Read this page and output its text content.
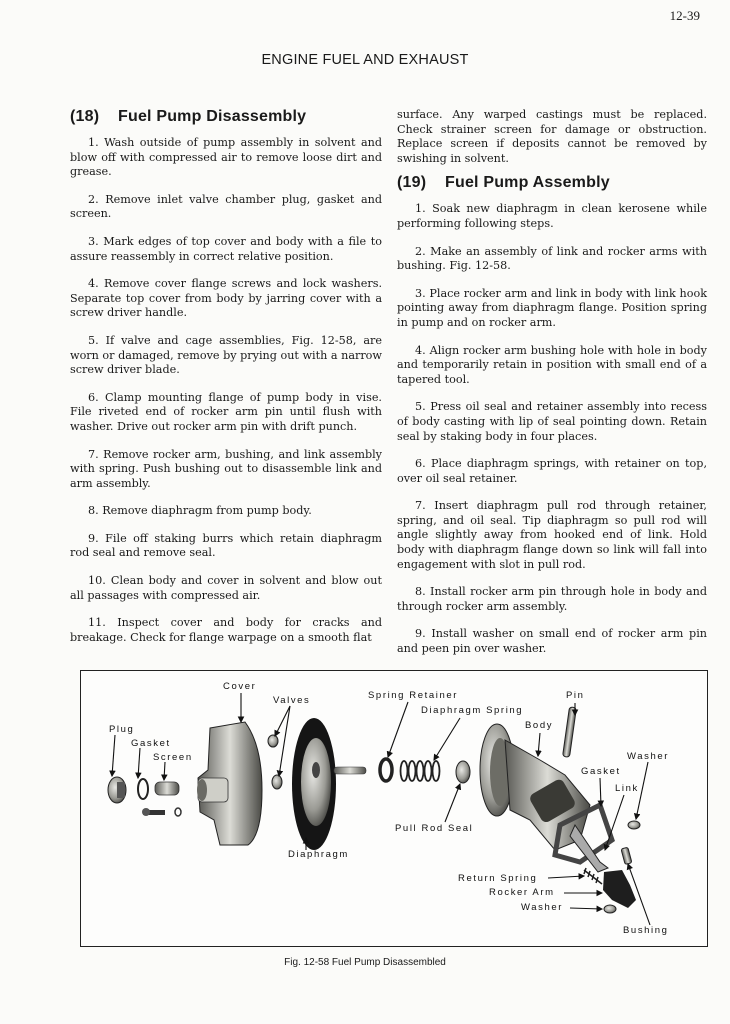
12-39
ENGINE FUEL AND EXHAUST
(18) Fuel Pump Disassembly

1. Wash outside of pump assembly in solvent and blow off with compressed air to remove loose dirt and grease.

2. Remove inlet valve chamber plug, gasket and screen.

3. Mark edges of top cover and body with a file to assure reassembly in correct relative position.

4. Remove cover flange screws and lock washers. Separate top cover from body by jarring cover with a screw driver handle.

5. If valve and cage assemblies, Fig. 12-58, are worn or damaged, remove by prying out with a narrow screw driver blade.

6. Clamp mounting flange of pump body in vise. File riveted end of rocker arm pin until flush with washer. Drive out rocker arm pin with drift punch.

7. Remove rocker arm, bushing, and link assembly with spring. Push bushing out to disassemble link and arm assembly.

8. Remove diaphragm from pump body.

9. File off staking burrs which retain diaphragm rod seal and remove seal.

10. Clean body and cover in solvent and blow out all passages with compressed air.

11. Inspect cover and body for cracks and breakage. Check for flange warpage on a smooth flat

surface. Any warped castings must be replaced. Check strainer screen for damage or obstruction. Replace screen if deposits cannot be removed by swishing in solvent.

(19) Fuel Pump Assembly

1. Soak new diaphragm in clean kerosene while performing following steps.

2. Make an assembly of link and rocker arms with bushing. Fig. 12-58.

3. Place rocker arm and link in body with link hook pointing away from diaphragm flange. Position spring in pump and on rocker arm.

4. Align rocker arm bushing hole with hole in body and temporarily retain in position with small end of a tapered tool.

5. Press oil seal and retainer assembly into recess of body casting with lip of seal pointing down. Retain seal by staking body in four places.

6. Place diaphragm springs, with retainer on top, over oil seal retainer.

7. Insert diaphragm pull rod through retainer, spring, and oil seal. Tip diaphragm so pull rod will angle slightly away from hooked end of link. Hold body with diaphragm flange down so link will fall into engagement with slot in pull rod.

8. Install rocker arm pin through hole in body and through rocker arm assembly.

9. Install washer on small end of rocker arm pin and peen pin over washer.

Cover
Valves
Plug
Gasket
Screen
Diaphragm
Spring Retainer
Diaphragm Spring
Pull Rod Seal
Body
Pin
Washer
Gasket
Link
Return Spring
Rocker Arm
Washer
Bushing
Fig. 12-58 Fuel Pump Disassembled
